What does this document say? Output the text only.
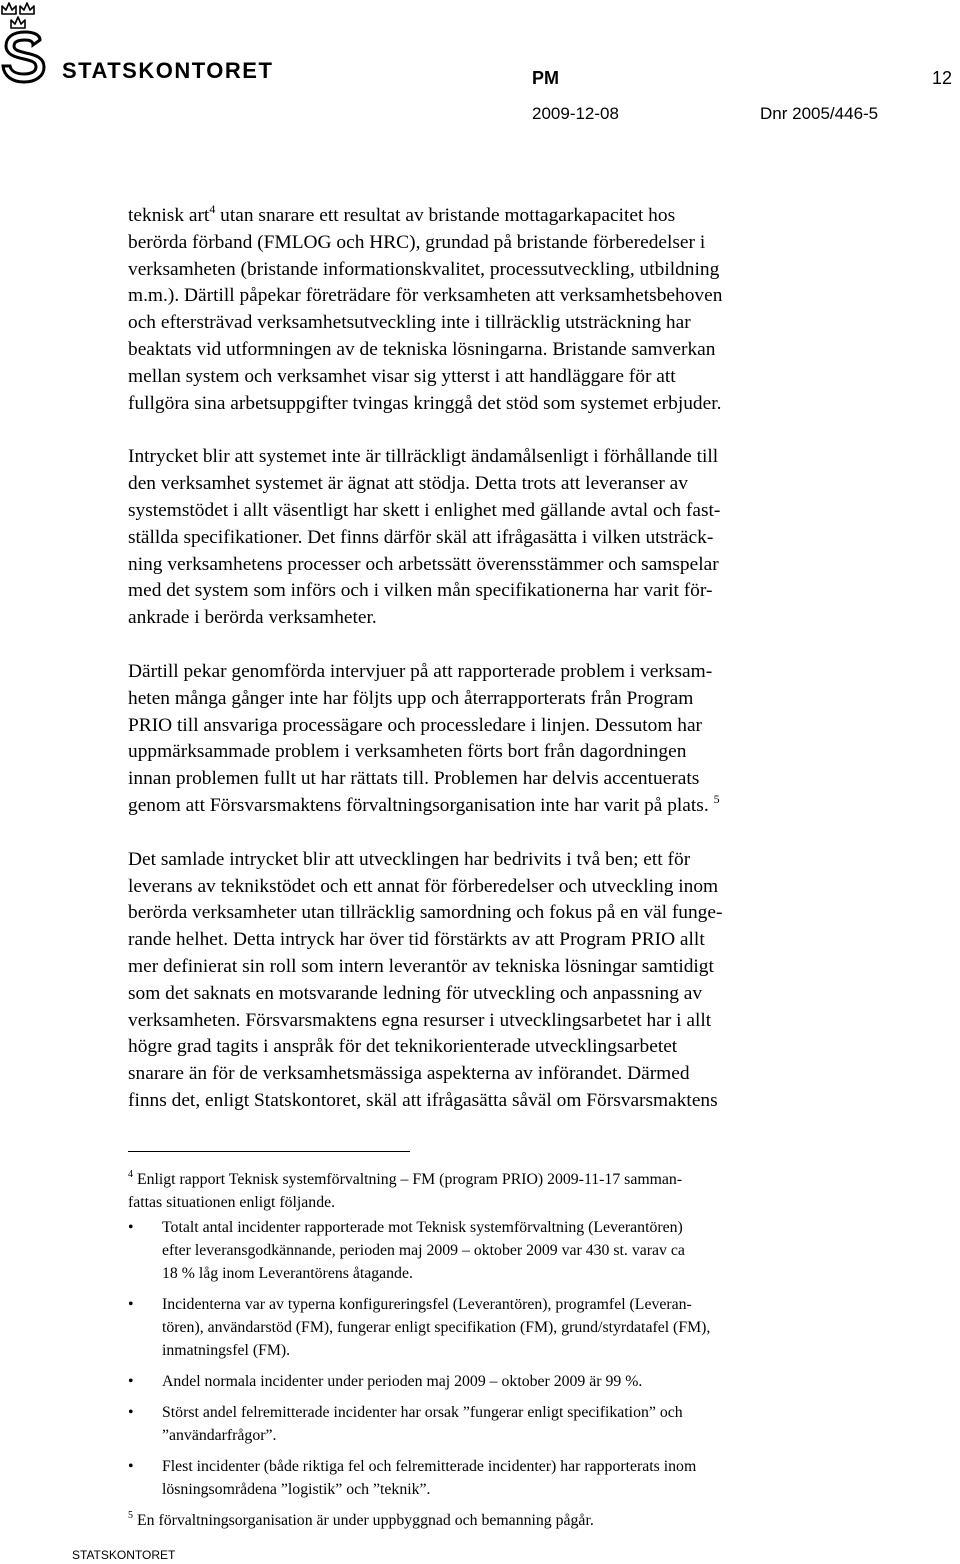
STATSKONTORET	PM	12
2009-12-08	Dnr 2005/446-5

teknisk art$^4$ utan snarare ett resultat av bristande mottagarkapacitet hos
berörda förband (FMLOG och HRC), grundad på bristande förberedelser i
verksamheten (bristande informationskvalitet, processutveckling, utbildning
m.m.). Därtill påpekar företrädare för verksamheten att verksamhetsbehoven
och eftersträvad verksamhetsutveckling inte i tillräcklig utsträckning har
beaktats vid utformningen av de tekniska lösningarna. Bristande samverkan
mellan system och verksamhet visar sig ytterst i att handläggare för att
fullgöra sina arbetsuppgifter tvingas kringgå det stöd som systemet erbjuder.

Intrycket blir att systemet inte är tillräckligt ändamålsenligt i förhållande till
den verksamhet systemet är ägnat att stödja. Detta trots att leveranser av
systemstödet i allt väsentligt har skett i enlighet med gällande avtal och fast-
ställda specifikationer. Det finns därför skäl att ifrågasätta i vilken utsträck-
ning verksamhetens processer och arbetssätt överensstämmer och samspelar
med det system som införs och i vilken mån specifikationerna har varit för-
ankrade i berörda verksamheter.

Därtill pekar genomförda intervjuer på att rapporterade problem i verksam-
heten många gånger inte har följts upp och återrapporterats från Program
PRIO till ansvariga processägare och processledare i linjen. Dessutom har
uppmärksammade problem i verksamheten förts bort från dagordningen
innan problemen fullt ut har rättats till. Problemen har delvis accentuerats
genom att Försvarsmaktens förvaltningsorganisation inte har varit på plats. $^5$

Det samlade intrycket blir att utvecklingen har bedrivits i två ben; ett för
leverans av teknikstödet och ett annat för förberedelser och utveckling inom
berörda verksamheter utan tillräcklig samordning och fokus på en väl funge-
rande helhet. Detta intryck har över tid förstärkts av att Program PRIO allt
mer definierat sin roll som intern leverantör av tekniska lösningar samtidigt
som det saknats en motsvarande ledning för utveckling och anpassning av
verksamheten. Försvarsmaktens egna resurser i utvecklingsarbetet har i allt
högre grad tagits i anspråk för det teknikorienterade utvecklingsarbetet
snarare än för de verksamhetsmässiga aspekterna av införandet. Därmed
finns det, enligt Statskontoret, skäl att ifrågasätta såväl om Försvarsmaktens

$^4$ Enligt rapport Teknisk systemförvaltning – FM (program PRIO) 2009-11-17 samman-
fattas situationen enligt följande.
• Totalt antal incidenter rapporterade mot Teknisk systemförvaltning (Leverantören)
efter leveransgodkännande, perioden maj 2009 – oktober 2009 var 430 st. varav ca
18 % låg inom Leverantörens åtagande.
• Incidenterna var av typerna konfigureringsfel (Leverantören), programfel (Leveran-
tören), användarstöd (FM), fungerar enligt specifikation (FM), grund/styrdatafel (FM),
inmatningsfel (FM).
• Andel normala incidenter under perioden maj 2009 – oktober 2009 är 99 %.
• Störst andel felremitterade incidenter har orsak ”fungerar enligt specifikation” och
”användarfrågor”.
• Flest incidenter (både riktiga fel och felremitterade incidenter) har rapporterats inom
lösningsområdena ”logistik” och ”teknik”.
$^5$ En förvaltningsorganisation är under uppbyggnad och bemanning pågår.
STATSKONTORET
